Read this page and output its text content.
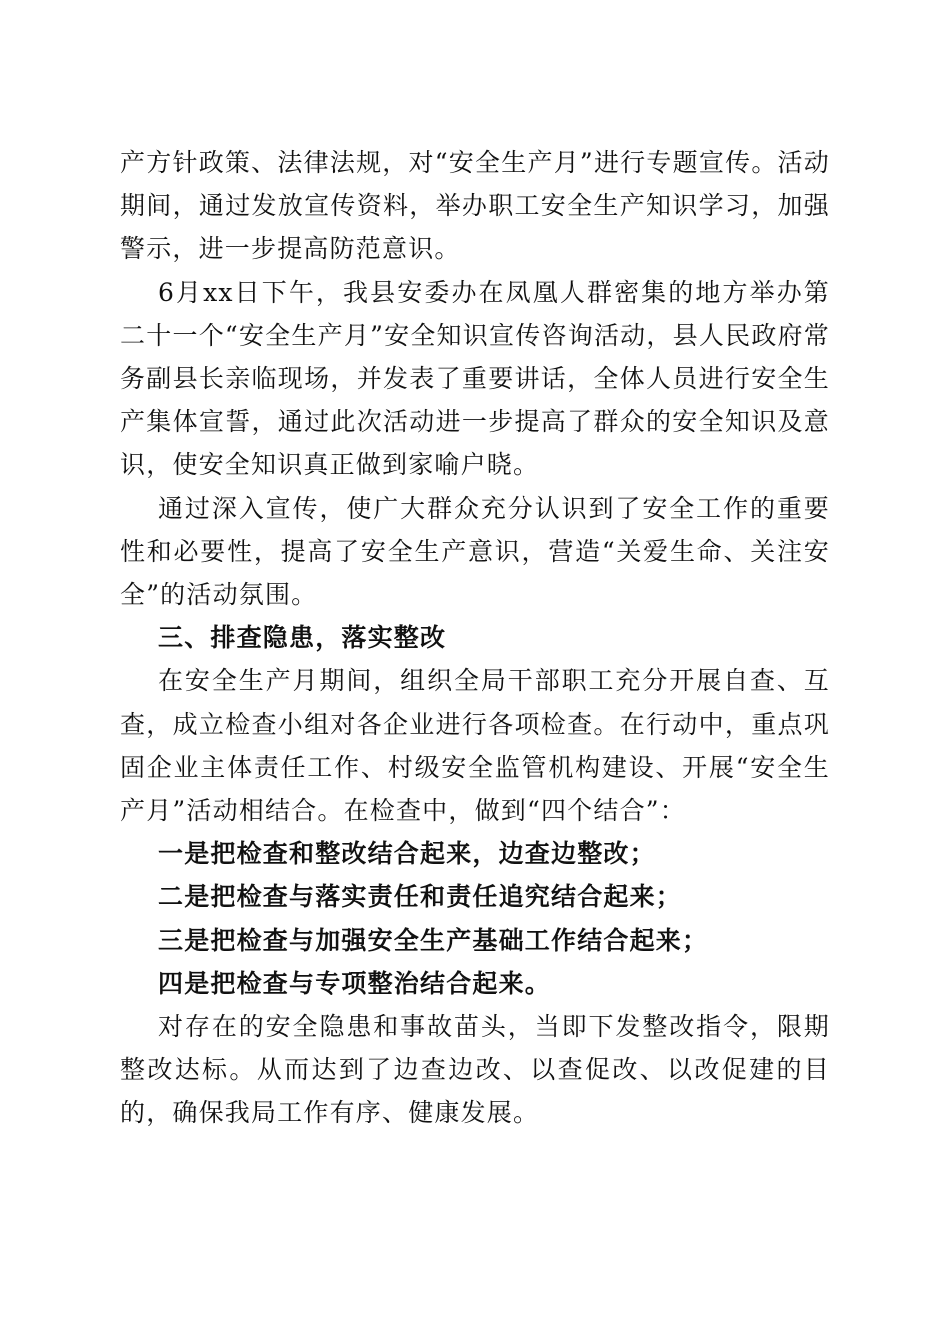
产方针政策、法律法规，对“安全生产月”进行专题宣传。活动期间，通过发放宣传资料，举办职工安全生产知识学习，加强警示，进一步提高防范意识。

6月xx日下午，我县安委办在凤凰人群密集的地方举办第二十一个“安全生产月”安全知识宣传咨询活动，县人民政府常务副县长亲临现场，并发表了重要讲话，全体人员进行安全生产集体宣誓，通过此次活动进一步提高了群众的安全知识及意识，使安全知识真正做到家喻户晓。

通过深入宣传，使广大群众充分认识到了安全工作的重要性和必要性，提高了安全生产意识，营造“关爱生命、关注安全”的活动氛围。

三、排查隐患，落实整改

在安全生产月期间，组织全局干部职工充分开展自查、互查，成立检查小组对各企业进行各项检查。在行动中，重点巩固企业主体责任工作、村级安全监管机构建设、开展“安全生产月”活动相结合。在检查中，做到“四个结合”：

一是把检查和整改结合起来，边查边整改；

二是把检查与落实责任和责任追究结合起来；

三是把检查与加强安全生产基础工作结合起来；

四是把检查与专项整治结合起来。

对存在的安全隐患和事故苗头，当即下发整改指令，限期整改达标。从而达到了边查边改、以查促改、以改促建的目的，确保我局工作有序、健康发展。
